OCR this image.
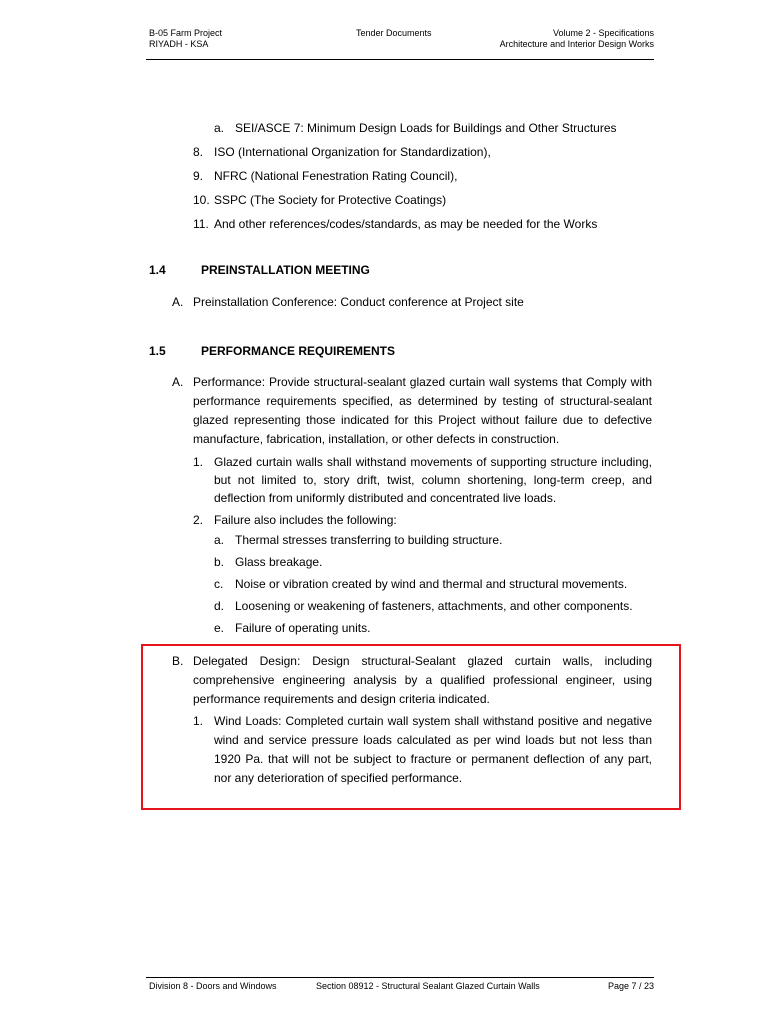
B-05 Farm Project
RIYADH - KSA
Tender Documents	Volume 2 - Specifications
Architecture and Interior Design Works
a. SEI/ASCE 7: Minimum Design Loads for Buildings and Other Structures
8. ISO (International Organization for Standardization),
9. NFRC (National Fenestration Rating Council),
10. SSPC (The Society for Protective Coatings)
11. And other references/codes/standards, as may be needed for the Works
1.4	PREINSTALLATION MEETING
A. Preinstallation Conference: Conduct conference at Project site
1.5	PERFORMANCE REQUIREMENTS
A. Performance: Provide structural-sealant glazed curtain wall systems that Comply with performance requirements specified, as determined by testing of structural-sealant glazed representing those indicated for this Project without failure due to defective manufacture, fabrication, installation, or other defects in construction.
1. Glazed curtain walls shall withstand movements of supporting structure including, but not limited to, story drift, twist, column shortening, long-term creep, and deflection from uniformly distributed and concentrated live loads.
2. Failure also includes the following:
a. Thermal stresses transferring to building structure.
b. Glass breakage.
c. Noise or vibration created by wind and thermal and structural movements.
d. Loosening or weakening of fasteners, attachments, and other components.
e. Failure of operating units.
B. Delegated Design: Design structural-Sealant glazed curtain walls, including comprehensive engineering analysis by a qualified professional engineer, using performance requirements and design criteria indicated.
1. Wind Loads: Completed curtain wall system shall withstand positive and negative wind and service pressure loads calculated as per wind loads but not less than 1920 Pa. that will not be subject to fracture or permanent deflection of any part, nor any deterioration of specified performance.
Division 8 - Doors and Windows	Section 08912 - Structural Sealant Glazed Curtain Walls	Page 7 / 23
